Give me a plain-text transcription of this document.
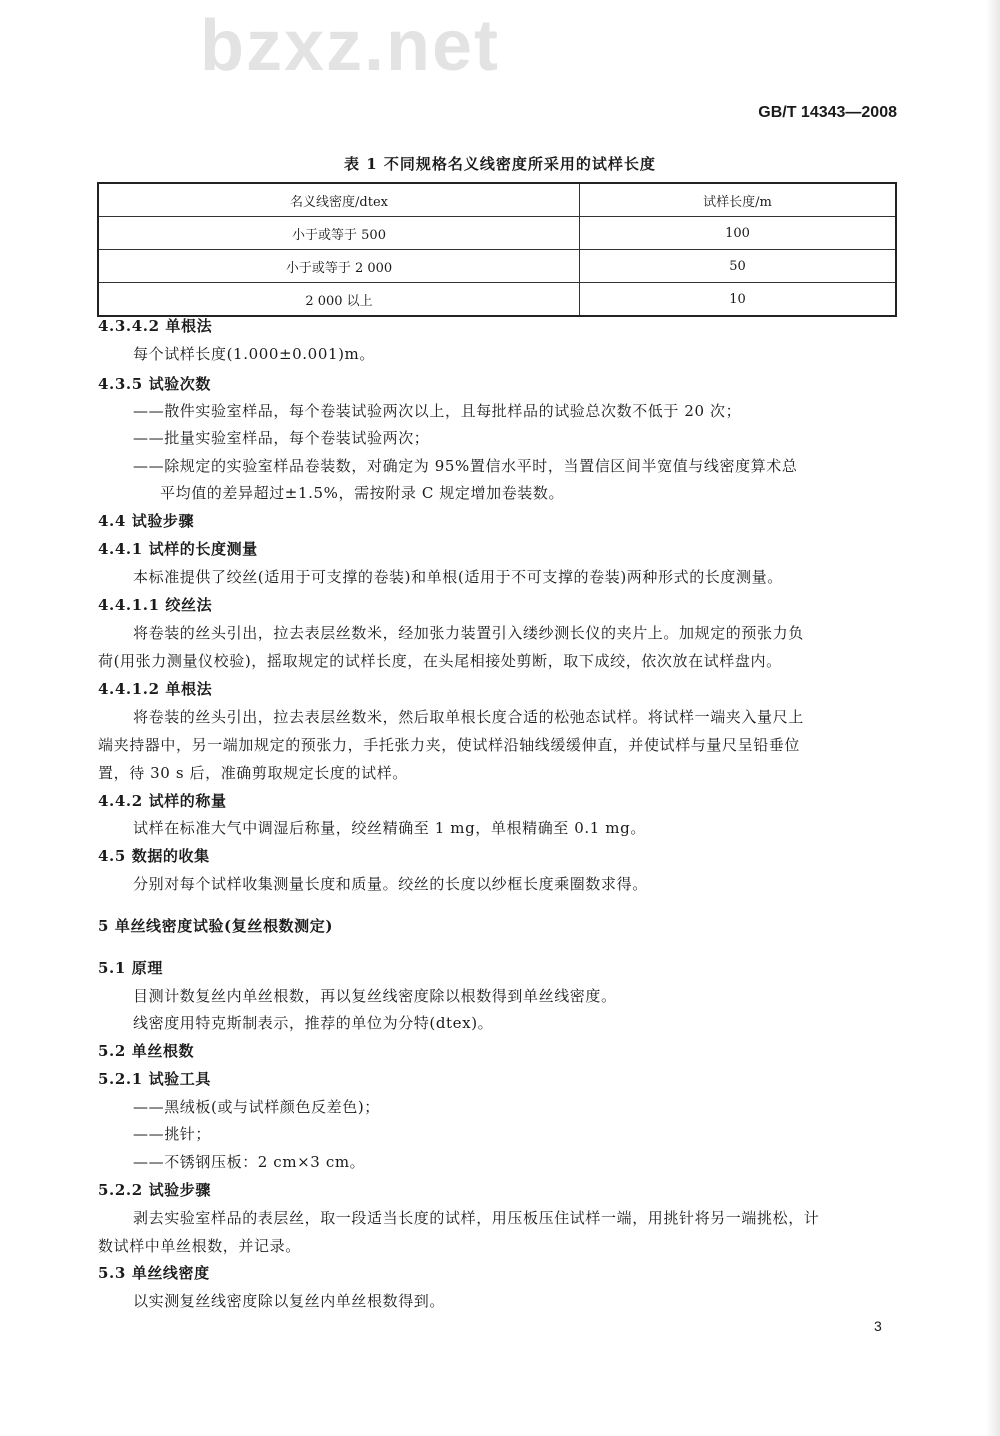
bzxz.net
GB/T 14343—2008
表 1 不同规格名义线密度所采用的试样长度
名义线密度/dtex	试样长度/m
小于或等于 500	100
小于或等于 2 000	50
2 000 以上	10
4.3.4.2 单根法
每个试样长度(1.000±0.001)m。
4.3.5 试验次数
——散件实验室样品，每个卷装试验两次以上，且每批样品的试验总次数不低于 20 次；
——批量实验室样品，每个卷装试验两次；
——除规定的实验室样品卷装数，对确定为 95%置信水平时，当置信区间半宽值与线密度算术总
平均值的差异超过±1.5%，需按附录 C 规定增加卷装数。
4.4 试验步骤
4.4.1 试样的长度测量
本标准提供了绞丝(适用于可支撑的卷装)和单根(适用于不可支撑的卷装)两种形式的长度测量。
4.4.1.1 绞丝法
将卷装的丝头引出，拉去表层丝数米，经加张力装置引入缕纱测长仪的夹片上。加规定的预张力负
荷(用张力测量仪校验)，摇取规定的试样长度，在头尾相接处剪断，取下成绞，依次放在试样盘内。
4.4.1.2 单根法
将卷装的丝头引出，拉去表层丝数米，然后取单根长度合适的松弛态试样。将试样一端夹入量尺上
端夹持器中，另一端加规定的预张力，手托张力夹，使试样沿轴线缓缓伸直，并使试样与量尺呈铅垂位
置，待 30 s 后，准确剪取规定长度的试样。
4.4.2 试样的称量
试样在标准大气中调湿后称量，绞丝精确至 1 mg，单根精确至 0.1 mg。
4.5 数据的收集
分别对每个试样收集测量长度和质量。绞丝的长度以纱框长度乘圈数求得。
5 单丝线密度试验(复丝根数测定)
5.1 原理
目测计数复丝内单丝根数，再以复丝线密度除以根数得到单丝线密度。
线密度用特克斯制表示，推荐的单位为分特(dtex)。
5.2 单丝根数
5.2.1 试验工具
——黑绒板(或与试样颜色反差色)；
——挑针；
——不锈钢压板：2 cm×3 cm。
5.2.2 试验步骤
剥去实验室样品的表层丝，取一段适当长度的试样，用压板压住试样一端，用挑针将另一端挑松，计
数试样中单丝根数，并记录。
5.3 单丝线密度
以实测复丝线密度除以复丝内单丝根数得到。
3
